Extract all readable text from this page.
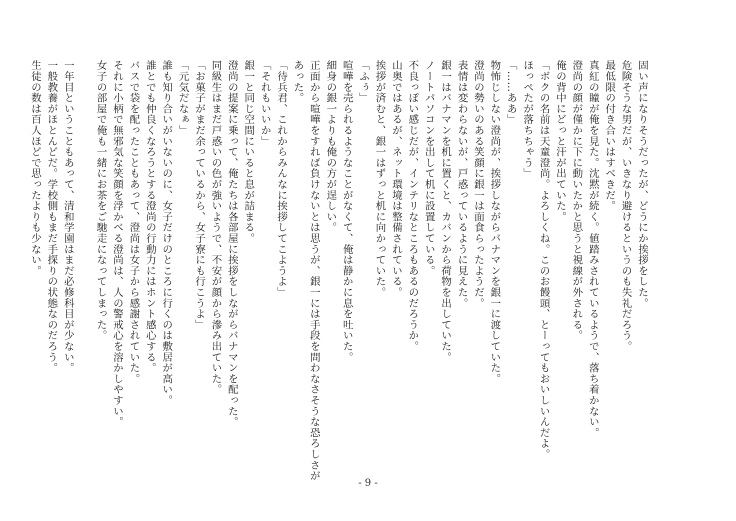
固い声になりそうだったが、どうにか挨拶をした。
危険そうな男だが、いきなり避けるというのも失礼だろう。
最低限の付き合いはすべきだ。
真紅の瞳が俺を見た。沈黙が続く。値踏みされているようで、落ち着かない。
澄尚の顔が僅かに下に動いたかと思うと視線が外される。
俺の背中にどっと汗が出ていた。
「ボクの名前は天童澄尚。よろしくね。このお饅頭、とーってもおいしいんだよ。
ほっぺたが落ちちゃう」
「……ああ」
物怖じしない澄尚が、挨拶しながらバナマンを銀一に渡していた。
澄尚の勢いのある笑顔に銀一は面食らったようだ。
表情は変わらないが、戸惑っているように見えた。
銀一はバナマンを机に置くと、カバンから荷物を出していた。
ノートパソコンを出して机に設置している。
不良っぽい感じだが、インテリなところもあるのだろうか。
山奥ではあるが、ネット環境は整備されている。
挨拶が済むと、銀一はずっと机に向かっていた。
「ふぅ」
喧嘩を売られるようなことがなくて、俺は静かに息を吐いた。
細身の銀一よりも俺の方が逞しい。
正面から喧嘩をすれば負けないとは思うが、銀一には手段を問わなさそうな恐ろしさが
あった。
「待兵君、これからみんなに挨拶してこようよ」
「それもいいか」
銀一と同じ空間にいると息が詰まる。
澄尚の提案に乗って、俺たちは各部屋に挨拶をしながらバナマンを配った。
同級生はまだ戸惑いの色が強いようで、不安が顔から滲み出ていた。
「お菓子がまだ余っているから、女子寮にも行こうよ」
「元気だなぁ」
誰も知り合いがいないのに、女子だけのところに行くのは敷居が高い。
誰とでも仲良くなろうとする澄尚の行動力にはホント感心する。
バスで袋を配ったこともあって、澄尚は女子から感謝されていた。
それに小柄で無邪気な笑顔を浮かべる澄尚は、人の警戒心を溶かしやすい。
女子の部屋で俺も一緒にお茶をご馳走になってしまった。

一年目ということもあって、清和学園はまだ必修科目が少ない。
一般教養がほとんどだ。学校側もまだ手探りの状態なのだろう。
生徒の数は百人ほどで思ったよりも少ない。
- 9 -
